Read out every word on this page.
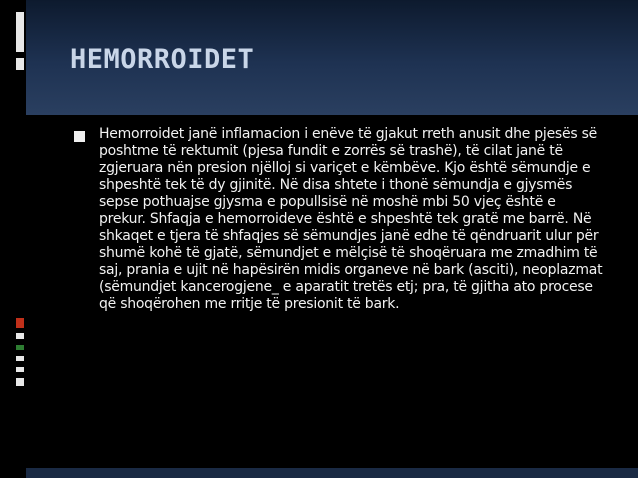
HEMORROIDET

Hemorroidet janë inflamacion i enëve të gjakut rreth anusit dhe pjesës së poshtme të rektumit (pjesa fundit e zorrës së trashë), të cilat janë të zgjeruara nën presion njëlloj si variçet e këmbëve. Kjo është sëmundje e shpeshtë tek të dy gjinitë. Në disa shtete i thonë sëmundja e gjysmës sepse pothuajse gjysma e popullsisë në moshë mbi 50 vjeç është e prekur. Shfaqja e hemorroideve është e shpeshtë tek gratë me barrë. Në shkaqet e tjera të shfaqjes së sëmundjes janë edhe të qëndruarit ulur për shumë kohë të gjatë, sëmundjet e mëlçisë të shoqëruara me zmadhim të saj, prania e ujit në hapësirën midis organeve në bark (asciti), neoplazmat (sëmundjet kancerogjene_ e aparatit tretës etj; pra, të gjitha ato procese që shoqërohen me rritje të presionit të bark.
